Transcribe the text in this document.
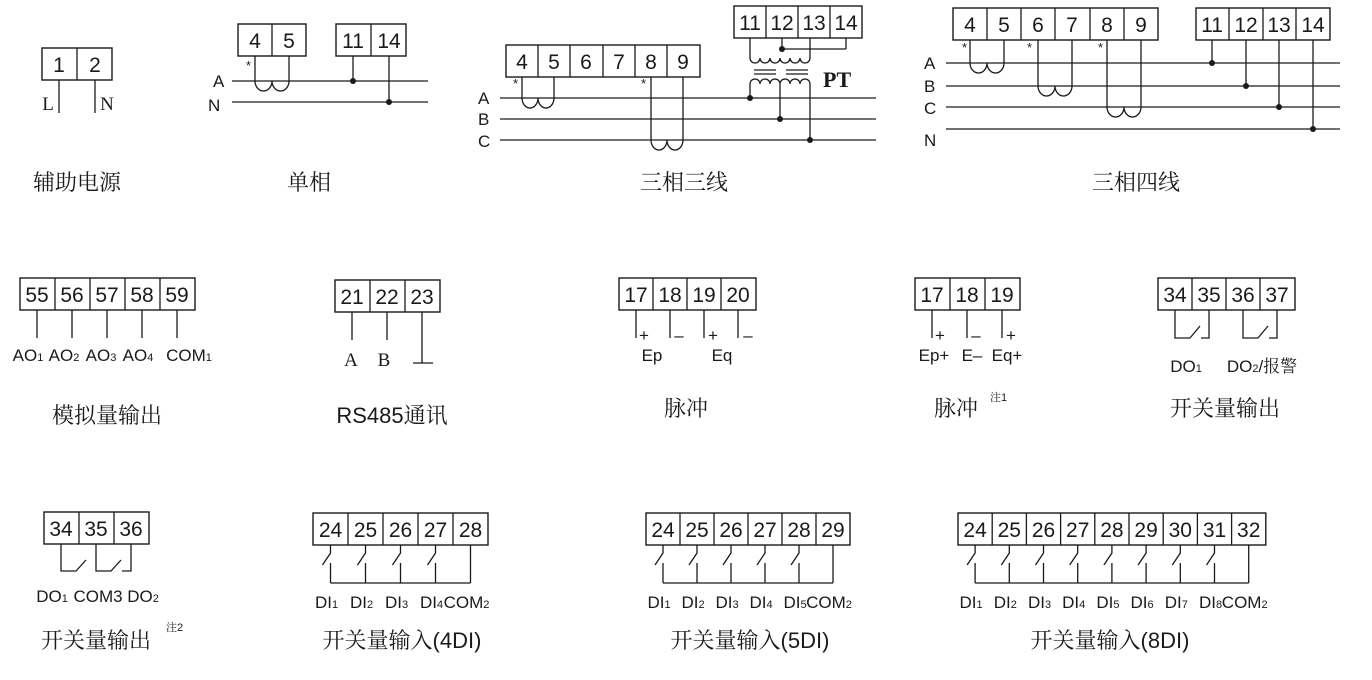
1 2
L N
辅助电源
4 5 11 14
A
N
*
单相
4 5 6 7 8 9
11 12 13 14
A
B
C
*	*	PT
三相三线
4 5 6 7 8 9	11 12 13 14
A
B
C
N
*	*	*
三相四线
55 56 57 58 59
AO1 AO2 AO3 AO4 COM1
模拟量输出
21 22 23
A B
RS485通讯
17 18 19 20
+ – + –
Ep	Eq
脉冲
17 18 19
+ – +
Ep+ E– Eq+
脉冲 注1
34 35 36 37
DO1 DO2/报警
开关量输出
34 35 36
DO1 COM3 DO2
开关量输出 注2
24
DI1
25
DI2
26
DI3
27
DI4
28
COM2
开关量输入(4DI)
24
DI1
25
DI2
26
DI3
27
DI4
28
DI5
29
COM2
开关量输入(5DI)
24
DI1
25
DI2
26
DI3
27
DI4
28
DI5
29
DI6
30
DI7
31
DI8
32
COM2
开关量输入(8DI)
